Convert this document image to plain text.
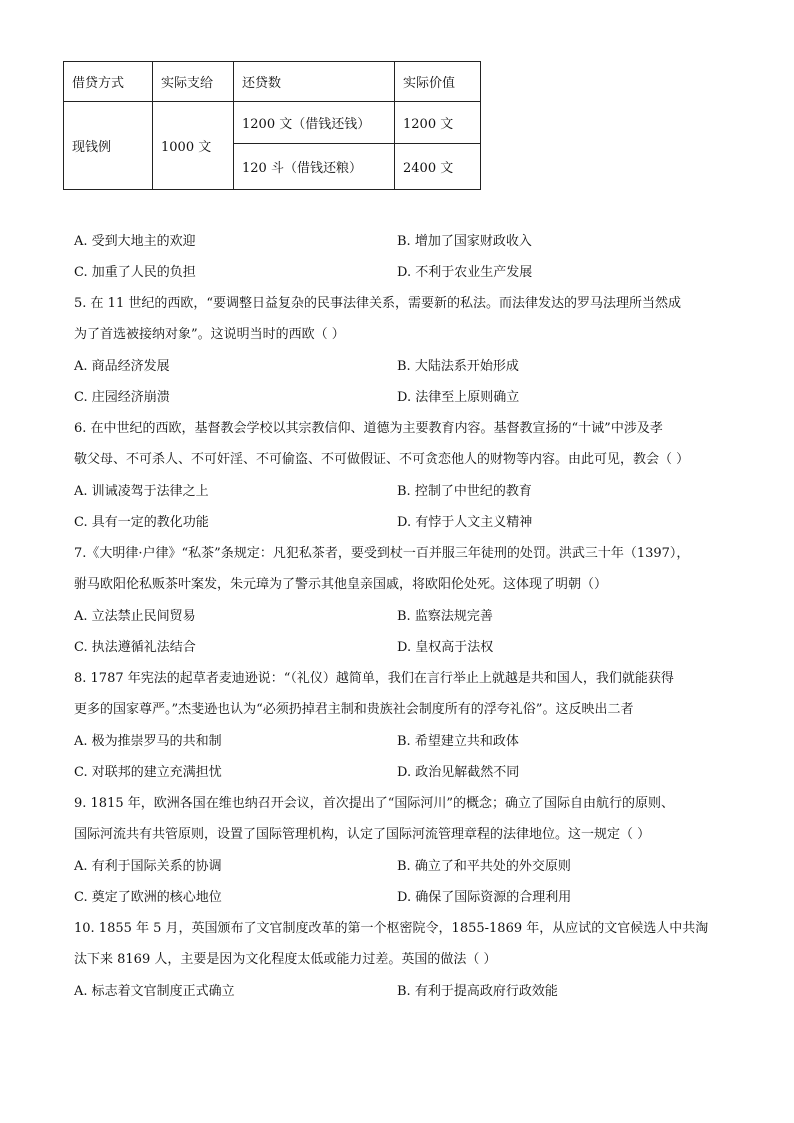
借贷方式	实际支给	还贷数	实际价值
现钱例	1000 文	1200 文（借钱还钱）	1200 文
		120 斗（借钱还粮）	2400 文
A. 受到大地主的欢迎	B. 增加了国家财政收入
C. 加重了人民的负担	D. 不利于农业生产发展
5. 在 11 世纪的西欧，“要调整日益复杂的民事法律关系，需要新的私法。而法律发达的罗马法理所当然成
为了首选被接纳对象”。这说明当时的西欧（ ）
A. 商品经济发展	B. 大陆法系开始形成
C. 庄园经济崩溃	D. 法律至上原则确立
6. 在中世纪的西欧，基督教会学校以其宗教信仰、道德为主要教育内容。基督教宣扬的“十诫”中涉及孝
敬父母、不可杀人、不可奸淫、不可偷盗、不可做假证、不可贪恋他人的财物等内容。由此可见，教会（ ）
A. 训诫凌驾于法律之上	B. 控制了中世纪的教育
C. 具有一定的教化功能	D. 有悖于人文主义精神
7.《大明律·户律》“私茶”条规定：凡犯私茶者，要受到杖一百并服三年徒刑的处罚。洪武三十年（1397），
驸马欧阳伦私贩茶叶案发，朱元璋为了警示其他皇亲国戚，将欧阳伦处死。这体现了明朝（）
A. 立法禁止民间贸易	B. 监察法规完善
C. 执法遵循礼法结合	D. 皇权高于法权
8. 1787 年宪法的起草者麦迪逊说：“（礼仪）越简单，我们在言行举止上就越是共和国人，我们就能获得
更多的国家尊严。”杰斐逊也认为“必须扔掉君主制和贵族社会制度所有的浮夸礼俗”。这反映出二者
A. 极为推崇罗马的共和制	B. 希望建立共和政体
C. 对联邦的建立充满担忧	D. 政治见解截然不同
9. 1815 年，欧洲各国在维也纳召开会议，首次提出了“国际河川”的概念；确立了国际自由航行的原则、
国际河流共有共管原则，设置了国际管理机构，认定了国际河流管理章程的法律地位。这一规定（ ）
A. 有利于国际关系的协调	B. 确立了和平共处的外交原则
C. 奠定了欧洲的核心地位	D. 确保了国际资源的合理利用
10. 1855 年 5 月，英国颁布了文官制度改革的第一个枢密院令，1855-1869 年，从应试的文官候选人中共淘
汰下来 8169 人，主要是因为文化程度太低或能力过差。英国的做法（ ）
A. 标志着文官制度正式确立	B. 有利于提高政府行政效能
